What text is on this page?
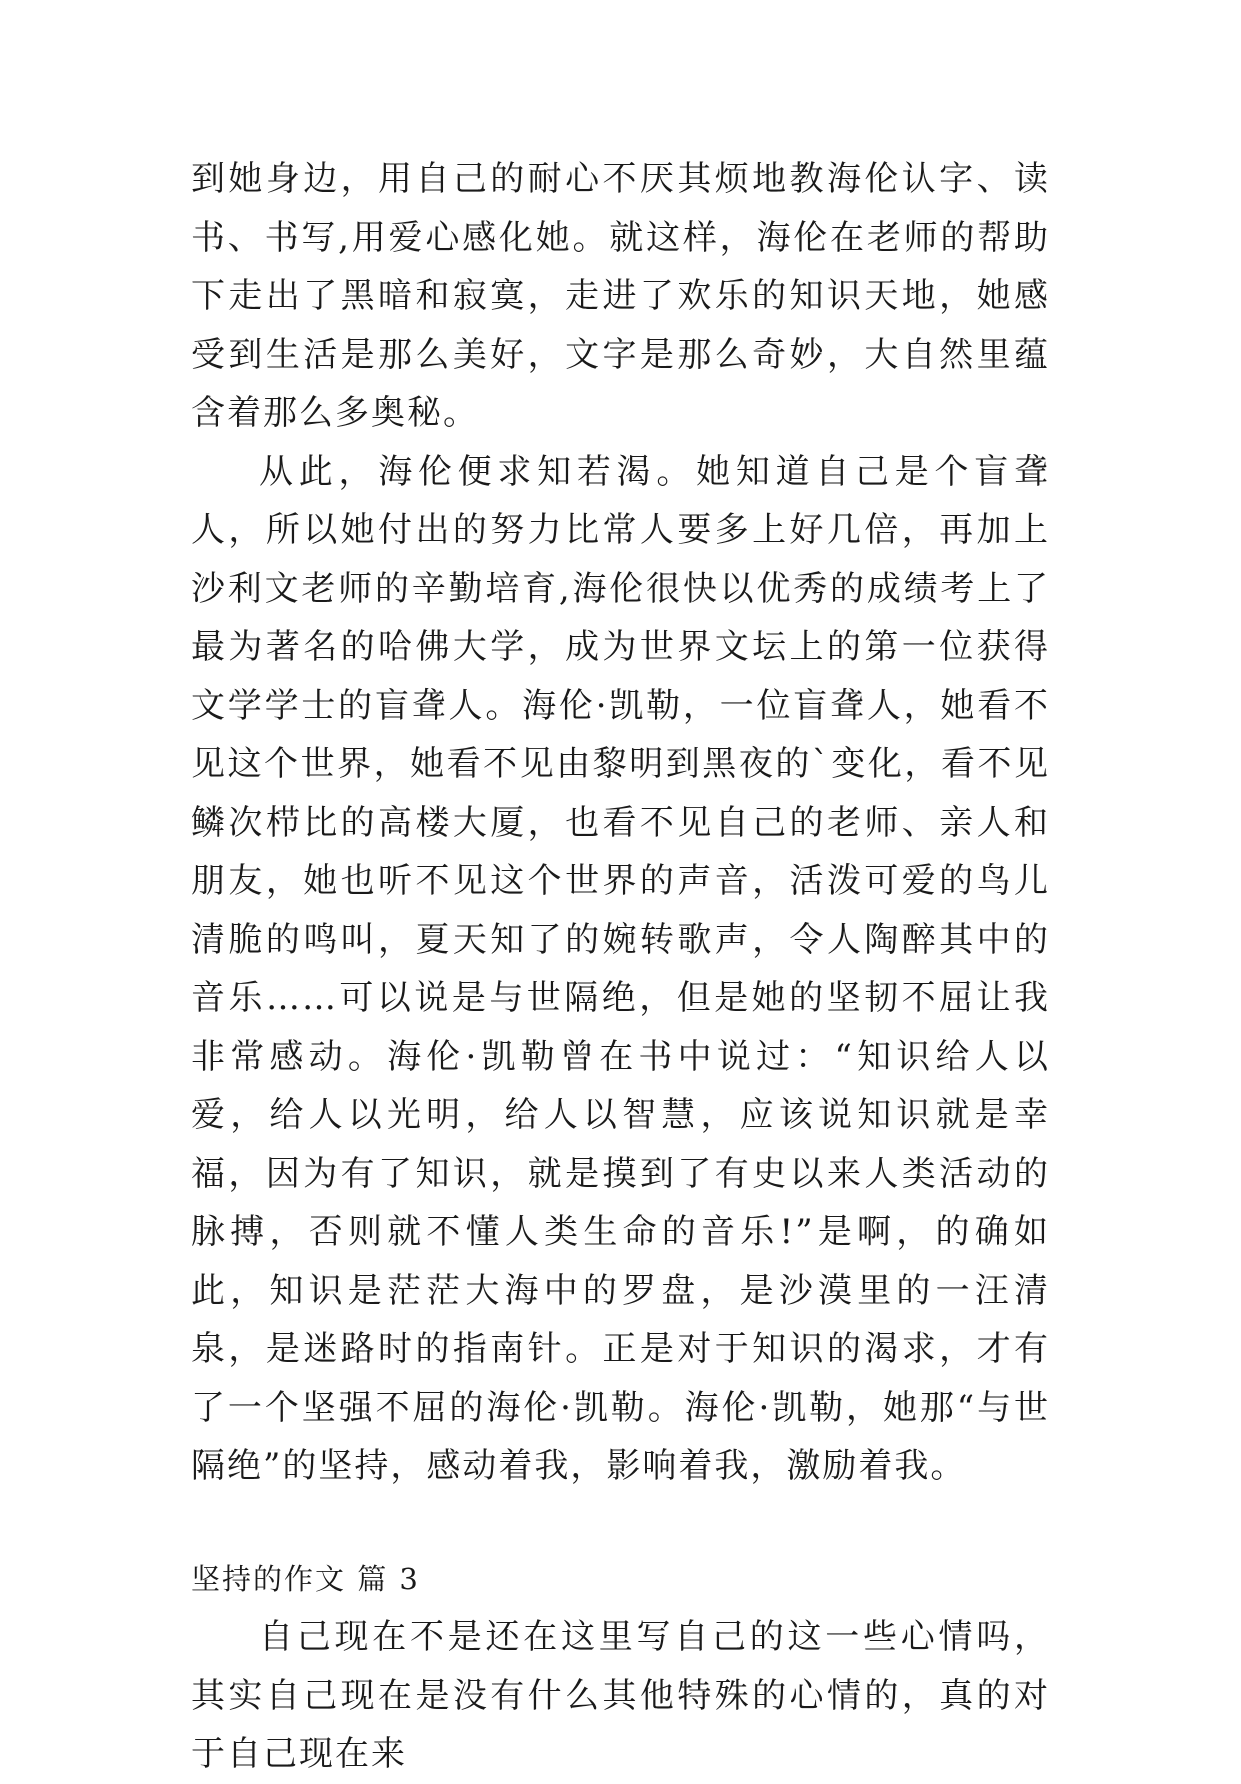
到她身边，用自己的耐心不厌其烦地教海伦认字、读书、书写,用爱心感化她。就这样，海伦在老师的帮助下走出了黑暗和寂寞，走进了欢乐的知识天地，她感受到生活是那么美好，文字是那么奇妙，大自然里蕴含着那么多奥秘。

从此，海伦便求知若渴。她知道自己是个盲聋人，所以她付出的努力比常人要多上好几倍，再加上沙利文老师的辛勤培育,海伦很快以优秀的成绩考上了最为著名的哈佛大学，成为世界文坛上的第一位获得文学学士的盲聋人。海伦·凯勒，一位盲聋人，她看不见这个世界，她看不见由黎明到黑夜的`变化，看不见鳞次栉比的高楼大厦，也看不见自己的老师、亲人和朋友，她也听不见这个世界的声音，活泼可爱的鸟儿清脆的鸣叫，夏天知了的婉转歌声，令人陶醉其中的音乐……可以说是与世隔绝，但是她的坚韧不屈让我非常感动。海伦·凯勒曾在书中说过：“知识给人以爱，给人以光明，给人以智慧，应该说知识就是幸福，因为有了知识，就是摸到了有史以来人类活动的脉搏，否则就不懂人类生命的音乐!”是啊，的确如此，知识是茫茫大海中的罗盘，是沙漠里的一汪清泉，是迷路时的指南针。正是对于知识的渴求，才有了一个坚强不屈的海伦·凯勒。海伦·凯勒，她那“与世隔绝”的坚持，感动着我，影响着我，激励着我。

坚持的作文 篇 3

自己现在不是还在这里写自己的这一些心情吗，其实自己现在是没有什么其他特殊的心情的，真的对于自己现在来
